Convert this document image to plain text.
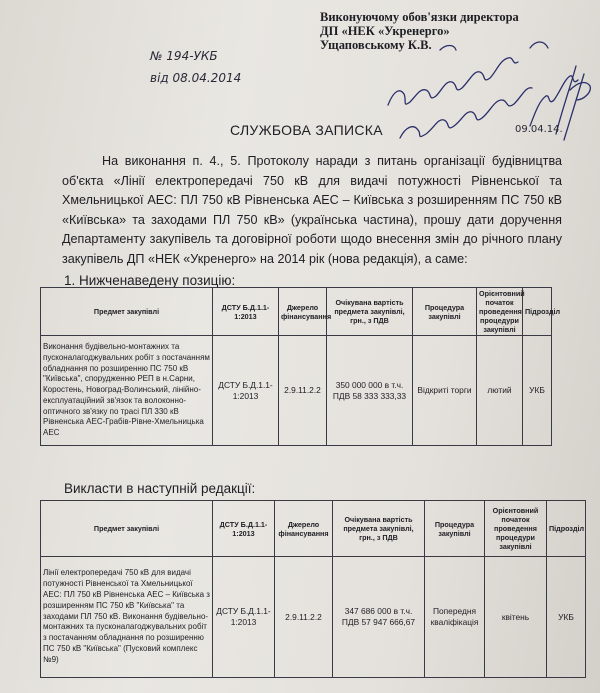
Виконуючому обов'язки директора
ДП «НЕК «Укренерго»
Ущаповському К.В.
№ 194-УКБ
від 08.04.2014
09.04.14.
СЛУЖБОВА ЗАПИСКА
На виконання п. 4., 5. Протоколу наради з питань організації будівництва об'єкта «Лінії електропередачі 750 кВ для видачі потужності Рівненської та Хмельницької АЕС: ПЛ 750 кВ Рівненська АЕС – Київська з розширенням ПС 750 кВ «Київська» та заходами ПЛ 750 кВ» (українська частина), прошу дати доручення Департаменту закупівель та договірної роботи щодо внесення змін до річного плану закупівель ДП «НЕК «Укренерго» на 2014 рік (нова редакція), а саме:
1. Нижченаведену позицію:
Предмет закупівлі	ДСТУ Б.Д.1.1-1:2013	Джерело фінансування	Очікувана вартість предмета закупівлі, грн., з ПДВ	Процедура закупівлі	Орієнтовний початок проведення процедури закупівлі	Підрозділ
Виконання будівельно-монтажних та пусконалагоджувальних робіт з постачанням обладнання по розширенню ПС 750 кВ "Київська", спорудженню РЕП в н.Сарни, Коростень, Новоград-Волинський, лінійно-експлуатаційний зв'язок та волоконно-оптичного зв'язку по трасі ПЛ 330 кВ Рівненська АЕС-Грабів-Рівне-Хмельницька АЕС	ДСТУ Б.Д.1.1-1:2013	2.9.11.2.2	350 000 000 в т.ч.
ПДВ 58 333 333,33	Відкриті торги	лютий	УКБ
Викласти в наступній редакції:
Предмет закупівлі	ДСТУ Б.Д.1.1-1:2013	Джерело фінансування	Очікувана вартість предмета закупівлі, грн., з ПДВ	Процедура закупівлі	Орієнтовний початок проведення процедури закупівлі	Підрозділ
Лінії електропередачі 750 кВ для видачі потужності Рівненської та Хмельницької АЕС: ПЛ 750 кВ Рівненська АЕС – Київська з розширенням ПС 750 кВ "Київська" та заходами ПЛ 750 кВ. Виконання будівельно-монтажних та пусконалагоджувальних робіт з постачанням обладнання по розширенню ПС 750 кВ "Київська" (Пусковий комплекс №9)	ДСТУ Б.Д.1.1-1:2013	2.9.11.2.2	347 686 000 в т.ч.
ПДВ 57 947 666,67	Попередня кваліфікація	квітень	УКБ
